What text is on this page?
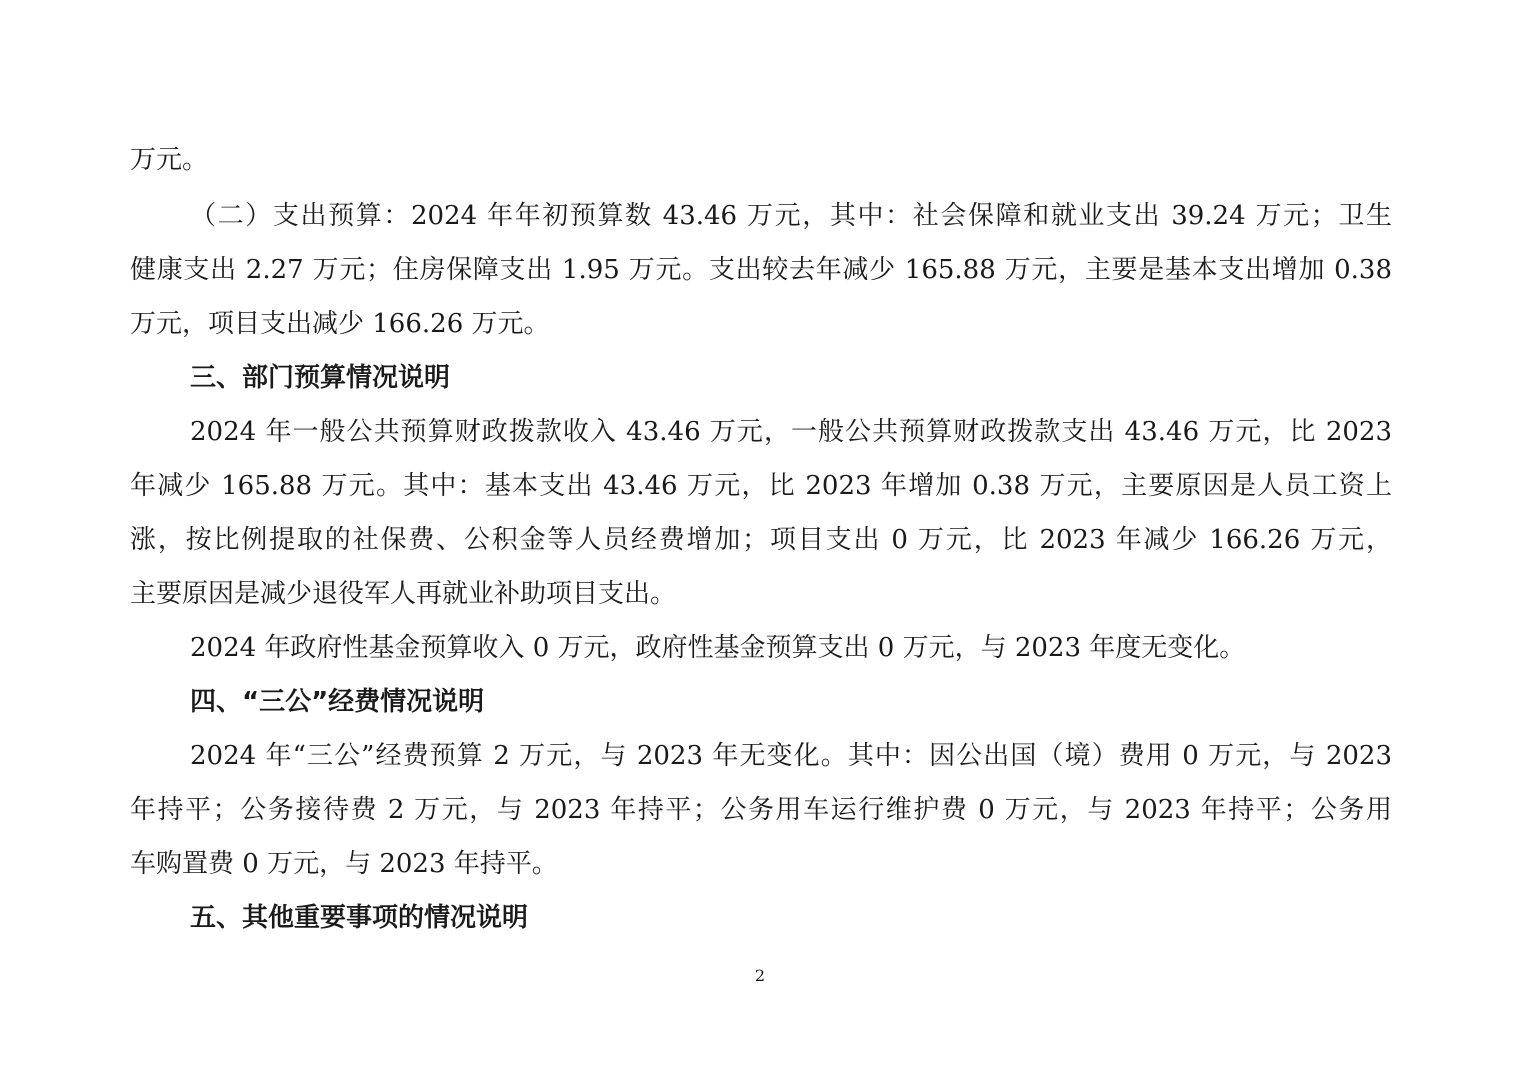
万元。
（二）支出预算：2024 年年初预算数 43.46 万元，其中：社会保障和就业支出 39.24 万元；卫生
健康支出 2.27 万元；住房保障支出 1.95 万元。支出较去年减少 165.88 万元，主要是基本支出增加 0.38
万元，项目支出减少 166.26 万元。
三、部门预算情况说明
2024 年一般公共预算财政拨款收入 43.46 万元，一般公共预算财政拨款支出 43.46 万元，比 2023
年减少 165.88 万元。其中：基本支出 43.46 万元，比 2023 年增加 0.38 万元，主要原因是人员工资上
涨，按比例提取的社保费、公积金等人员经费增加；项目支出 0 万元，比 2023 年减少 166.26 万元，
主要原因是减少退役军人再就业补助项目支出。
2024 年政府性基金预算收入 0 万元，政府性基金预算支出 0 万元，与 2023 年度无变化。
四、“三公”经费情况说明
2024 年“三公”经费预算 2 万元，与 2023 年无变化。其中：因公出国（境）费用 0 万元，与 2023
年持平；公务接待费 2 万元，与 2023 年持平；公务用车运行维护费 0 万元，与 2023 年持平；公务用
车购置费 0 万元，与 2023 年持平。
五、其他重要事项的情况说明
2
